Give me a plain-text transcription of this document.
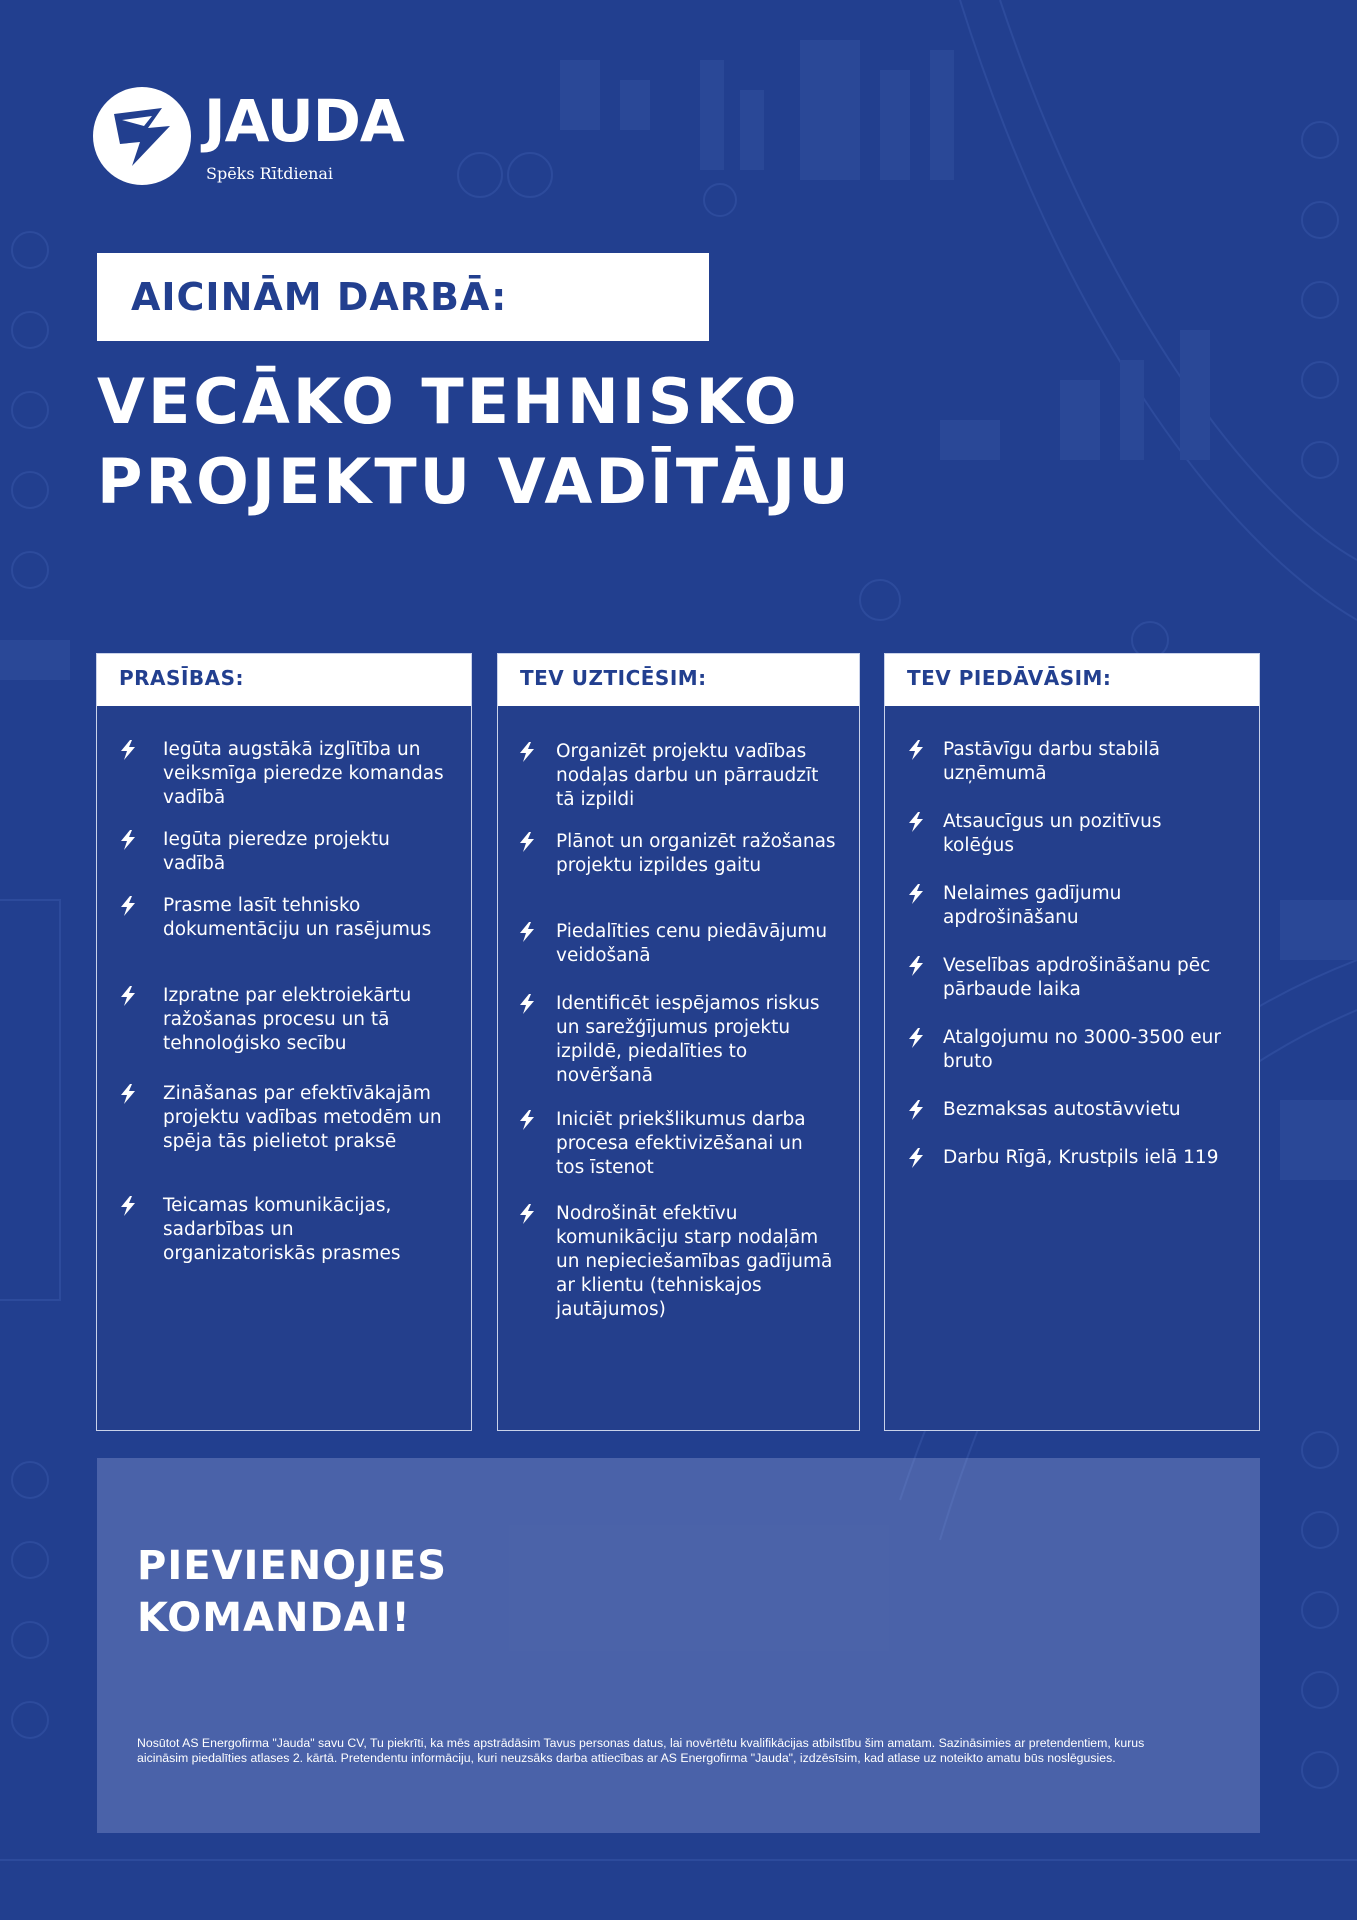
JAUDA
Spēks Rītdienai
AICINĀM DARBĀ:
VECĀKO TEHNISKO
PROJEKTU VADĪTĀJU
PRASĪBAS:
Iegūta augstākā izglītība un veiksmīga pieredze komandas vadībā
Iegūta pieredze projektu vadībā
Prasme lasīt tehnisko dokumentāciju un rasējumus
Izpratne par elektroiekārtu ražošanas procesu un tā tehnoloģisko secību
Zināšanas par efektīvākajām projektu vadības metodēm un spēja tās pielietot praksē
Teicamas komunikācijas, sadarbības un organizatoriskās prasmes
TEV UZTICĒSIM:
Organizēt projektu vadības nodaļas darbu un pārraudzīt tā izpildi
Plānot un organizēt ražošanas projektu izpildes gaitu
Piedalīties cenu piedāvājumu veidošanā
Identificēt iespējamos riskus un sarežģījumus projektu izpildē, piedalīties to novēršanā
Iniciēt priekšlikumus darba procesa efektivizēšanai un tos īstenot
Nodrošināt efektīvu komunikāciju starp nodaļām un nepieciešamības gadījumā ar klientu (tehniskajos jautājumos)
TEV PIEDĀVĀSIM:
Pastāvīgu darbu stabilā uzņēmumā
Atsaucīgus un pozitīvus kolēģus
Nelaimes gadījumu apdrošināšanu
Veselības apdrošināšanu pēc pārbaude laika
Atalgojumu no 3000-3500 eur bruto
Bezmaksas autostāvvietu
Darbu Rīgā, Krustpils ielā 119
PIEVIENOJIES
KOMANDAI!
Nosūtot AS Energofirma "Jauda" savu CV, Tu piekrīti, ka mēs apstrādāsim Tavus personas datus, lai novērtētu kvalifikācijas atbilstību šim amatam. Sazināsimies ar pretendentiem, kurus aicināsim piedalīties atlases 2. kārtā. Pretendentu informāciju, kuri neuzsāks darba attiecības ar AS Energofirma "Jauda", izdzēsīsim, kad atlase uz noteikto amatu būs noslēgusies.
